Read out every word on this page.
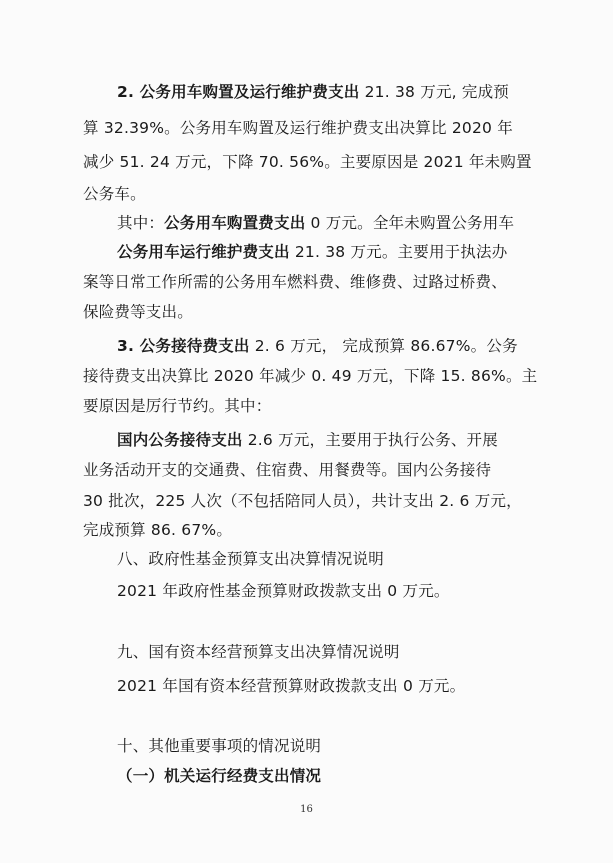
2. 公务用车购置及运行维护费支出 21. 38 万元, 完成预
算 32.39%。公务用车购置及运行维护费支出决算比 2020 年
减少 51. 24 万元，下降 70. 56%。主要原因是 2021 年未购置
公务车。
其中：公务用车购置费支出 0 万元。全年未购置公务用车
公务用车运行维护费支出 21. 38 万元。主要用于执法办
案等日常工作所需的公务用车燃料费、维修费、过路过桥费、
保险费等支出。
3. 公务接待费支出 2. 6 万元， 完成预算 86.67%。公务
接待费支出决算比 2020 年减少 0. 49 万元，下降 15. 86%。主
要原因是厉行节约。其中：
国内公务接待支出 2.6 万元，主要用于执行公务、开展
业务活动开支的交通费、住宿费、用餐费等。国内公务接待
30 批次，225 人次（不包括陪同人员），共计支出 2. 6 万元，
完成预算 86. 67%。
八、政府性基金预算支出决算情况说明
2021 年政府性基金预算财政拨款支出 0 万元。
九、国有资本经营预算支出决算情况说明
2021 年国有资本经营预算财政拨款支出 0 万元。
十、其他重要事项的情况说明
（一）机关运行经费支出情况
16
